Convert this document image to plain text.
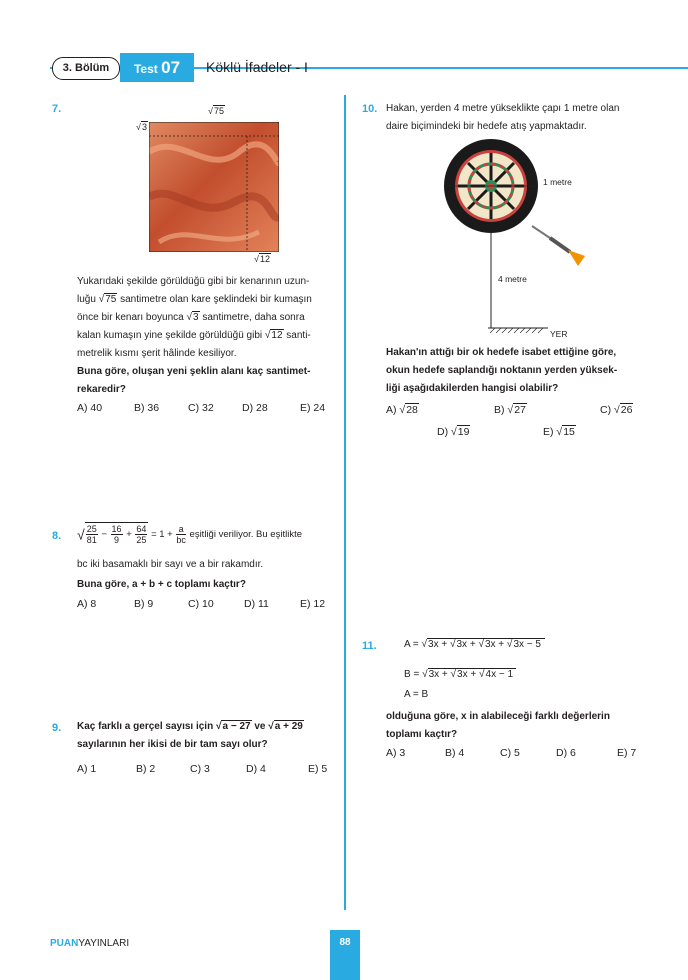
3. Bölüm	Test 07	Köklü İfadeler - I
7.	√75
√3
√12
Yukarıdaki şekilde görüldüğü gibi bir kenarının uzun-
luğu √75 santimetre olan kare şeklindeki bir kumaşın
önce bir kenarı boyunca √3 santimetre, daha sonra
kalan kumaşın yine şekilde görüldüğü gibi √12 santi-
metrelik kısmı şerit hâlinde kesiliyor.
Buna göre, oluşan yeni şeklin alanı kaç santimet-
rekaredir?
A) 40	B) 36	C) 32	D) 28	E) 24
8. √ $\frac{25}{81} - \frac{16}{9} + \frac{64}{25} = 1 + \frac{a}{bc}$ eşitliği veriliyor. Bu eşitlikte
bc iki basamaklı bir sayı ve a bir rakamdır.
Buna göre, a + b + c toplamı kaçtır?
A) 8	B) 9	C) 10	D) 11	E) 12
9. Kaç farklı a gerçel sayısı için √a − 27 ve √a + 29
sayılarının her ikisi de bir tam sayı olur?
A) 1	B) 2	C) 3	D) 4	E) 5
10. Hakan, yerden 4 metre yükseklikte çapı 1 metre olan
daire biçimindeki bir hedefe atış yapmaktadır.
1 metre
4 metre
YER
Hakan'ın attığı bir ok hedefe isabet ettiğine göre,
okun hedefe saplandığı noktanın yerden yüksek-
liği aşağıdakilerden hangisi olabilir?
A) √28	B) √27	C) √26
D) √19	E) √15
11.	A = √3x + √3x + √3x + √3x − 5
B = √3x + √3x + √4x − 1
A = B
olduğuna göre, x in alabileceği farklı değerlerin
toplamı kaçtır?
A) 3	B) 4	C) 5	D) 6	E) 7
PUANYAYINLARI	88
